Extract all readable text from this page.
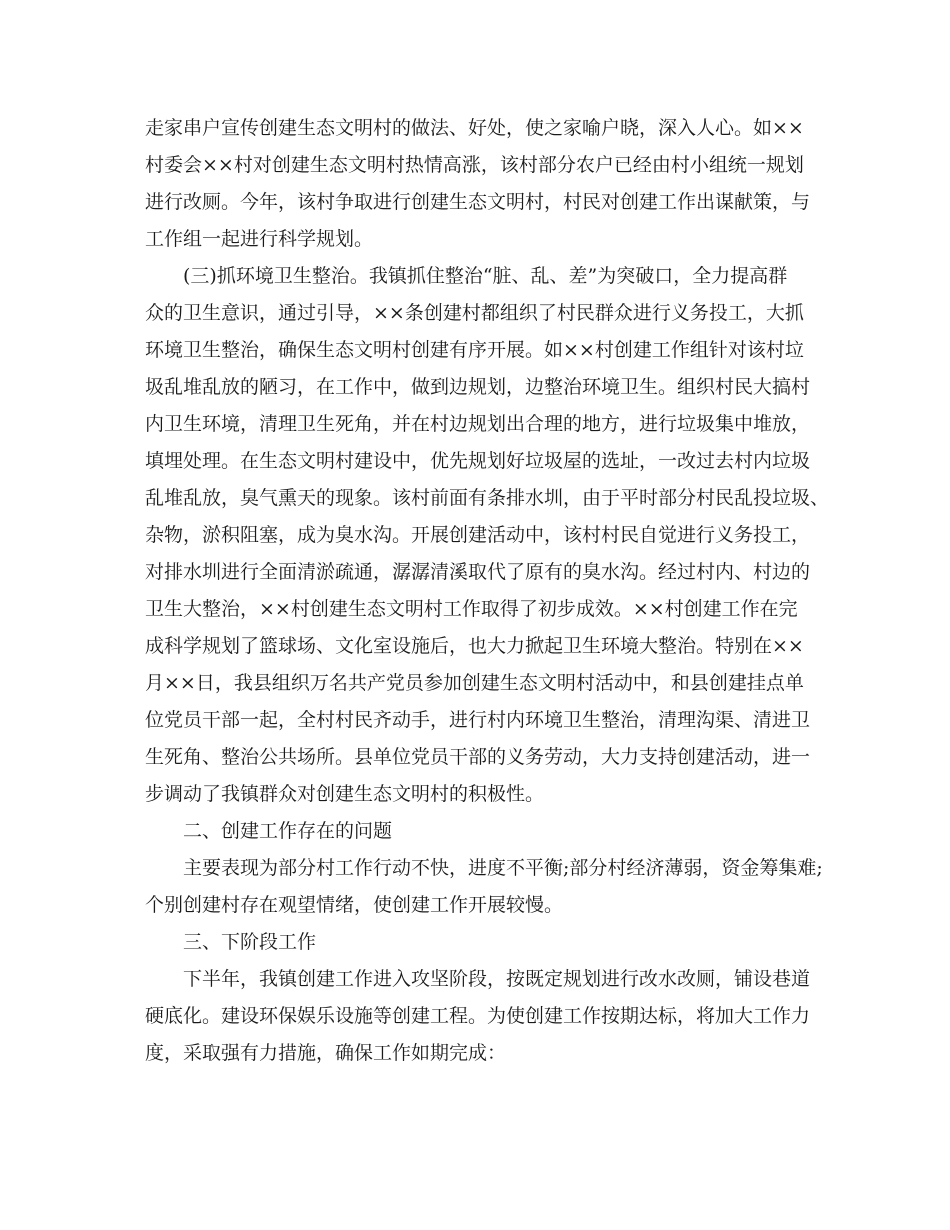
走家串户宣传创建生态文明村的做法、好处，使之家喻户晓，深入人心。如××
村委会××村对创建生态文明村热情高涨，该村部分农户已经由村小组统一规划
进行改厕。今年，该村争取进行创建生态文明村，村民对创建工作出谋献策，与
工作组一起进行科学规划。
(三)抓环境卫生整治。我镇抓住整治“脏、乱、差”为突破口，全力提高群
众的卫生意识，通过引导，××条创建村都组织了村民群众进行义务投工，大抓
环境卫生整治，确保生态文明村创建有序开展。如××村创建工作组针对该村垃
圾乱堆乱放的陋习，在工作中，做到边规划，边整治环境卫生。组织村民大搞村
内卫生环境，清理卫生死角，并在村边规划出合理的地方，进行垃圾集中堆放，
填埋处理。在生态文明村建设中，优先规划好垃圾屋的选址，一改过去村内垃圾
乱堆乱放，臭气熏天的现象。该村前面有条排水圳，由于平时部分村民乱投垃圾、
杂物，淤积阻塞，成为臭水沟。开展创建活动中，该村村民自觉进行义务投工，
对排水圳进行全面清淤疏通，潺潺清溪取代了原有的臭水沟。经过村内、村边的
卫生大整治，××村创建生态文明村工作取得了初步成效。××村创建工作在完
成科学规划了篮球场、文化室设施后，也大力掀起卫生环境大整治。特别在××
月××日，我县组织万名共产党员参加创建生态文明村活动中，和县创建挂点单
位党员干部一起，全村村民齐动手，进行村内环境卫生整治，清理沟渠、清进卫
生死角、整治公共场所。县单位党员干部的义务劳动，大力支持创建活动，进一
步调动了我镇群众对创建生态文明村的积极性。
二、创建工作存在的问题
主要表现为部分村工作行动不快，进度不平衡;部分村经济薄弱，资金筹集难;
个别创建村存在观望情绪，使创建工作开展较慢。
三、下阶段工作
下半年，我镇创建工作进入攻坚阶段，按既定规划进行改水改厕，铺设巷道
硬底化。建设环保娱乐设施等创建工程。为使创建工作按期达标，将加大工作力
度，采取强有力措施，确保工作如期完成：
